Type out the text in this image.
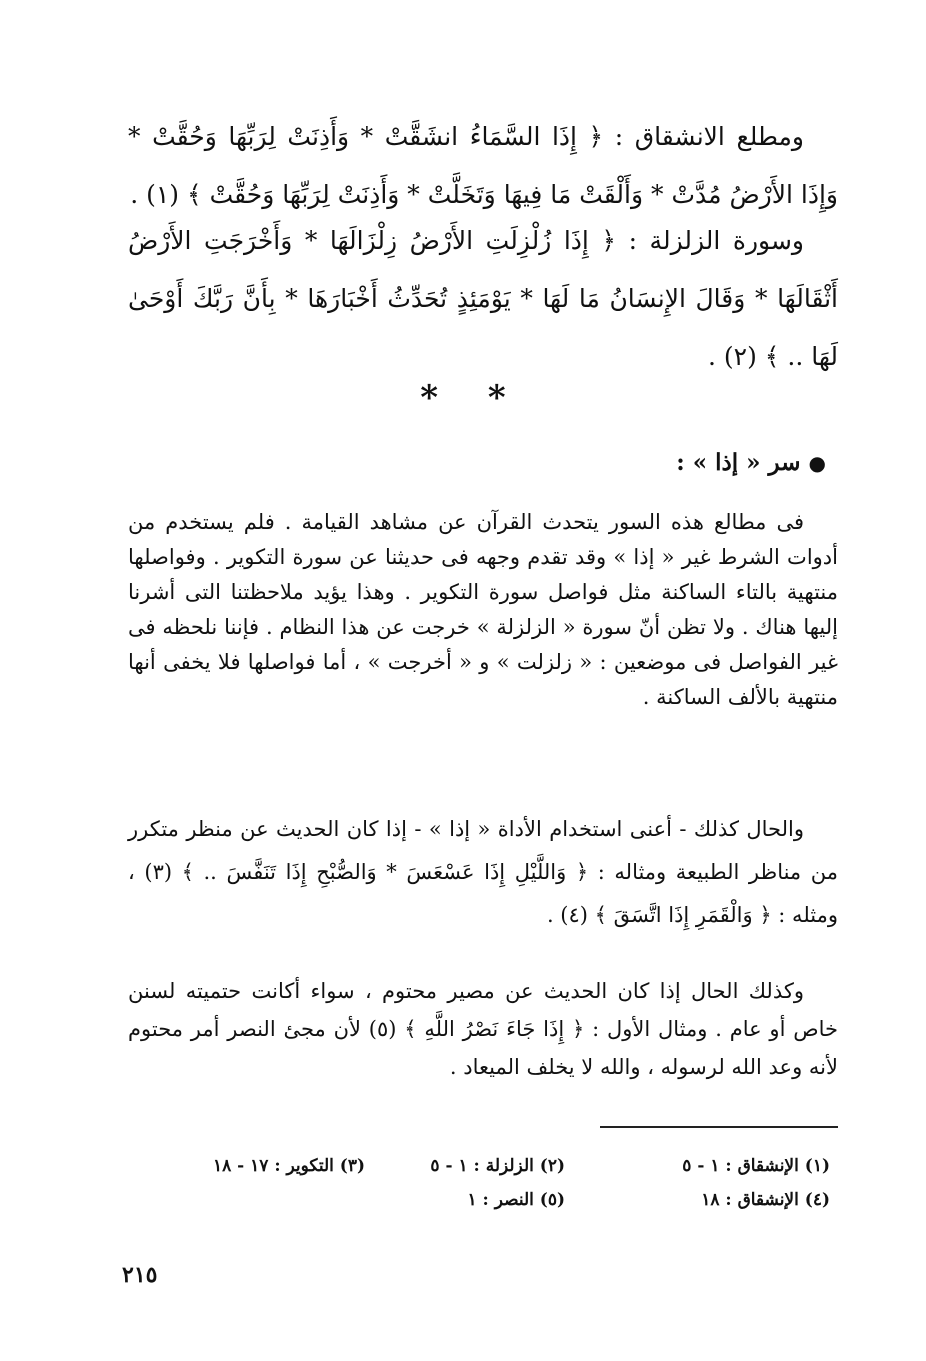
ومطلع الانشقاق : ﴿ إِذَا السَّمَاءُ انشَقَّتْ * وَأَذِنَتْ لِرَبِّهَا وَحُقَّتْ * وَإِذَا الأَرْضُ مُدَّتْ * وَأَلْقَتْ مَا فِيهَا وَتَخَلَّتْ * وَأَذِنَتْ لِرَبِّهَا وَحُقَّتْ ﴾ (١) .

وسورة الزلزلة : ﴿ إِذَا زُلْزِلَتِ الأَرْضُ زِلْزَالَهَا * وَأَخْرَجَتِ الأَرْضُ أَثْقَالَهَا * وَقَالَ الإِنسَانُ مَا لَهَا * يَوْمَئِذٍ تُحَدِّثُ أَخْبَارَهَا * بِأَنَّ رَبَّكَ أَوْحَىٰ لَهَا .. ﴾ (٢) .

* *
● سر « إذا » :

فى مطالع هذه السور يتحدث القرآن عن مشاهد القيامة . فلم يستخدم من أدوات الشرط غير « إذا » وقد تقدم وجهه فى حديثنا عن سورة التكوير . وفواصلها منتهية بالتاء الساكنة مثل فواصل سورة التكوير . وهذا يؤيد ملاحظتنا التى أشرنا إليها هناك . ولا تظن أنّ سورة « الزلزلة » خرجت عن هذا النظام . فإننا نلحظه فى غير الفواصل فى موضعين : « زلزلت » و « أخرجت » ، أما فواصلها فلا يخفى أنها منتهية بالألف الساكنة .

والحال كذلك - أعنى استخدام الأداة « إذا » - إذا كان الحديث عن منظر متكرر من مناظر الطبيعة ومثاله : ﴿ وَاللَّيْلِ إِذَا عَسْعَسَ * وَالصُّبْحِ إِذَا تَنَفَّسَ .. ﴾ (٣) ، ومثله : ﴿ وَالْقَمَرِ إِذَا اتَّسَقَ ﴾ (٤) .

وكذلك الحال إذا كان الحديث عن مصير محتوم ، سواء أكانت حتميته لسنن خاص أو عام . ومثال الأول : ﴿ إِذَا جَاءَ نَصْرُ اللَّهِ ﴾ (٥) لأن مجئ النصر أمر محتوم لأنه وعد الله لرسوله ، والله لا يخلف الميعاد .

(١) الإنشقاق : ١ - ٥
(٢) الزلزلة : ١ - ٥
(٣) التكوير : ١٧ - ١٨
(٤) الإنشقاق : ١٨
(٥) النصر : ١
٢١٥
